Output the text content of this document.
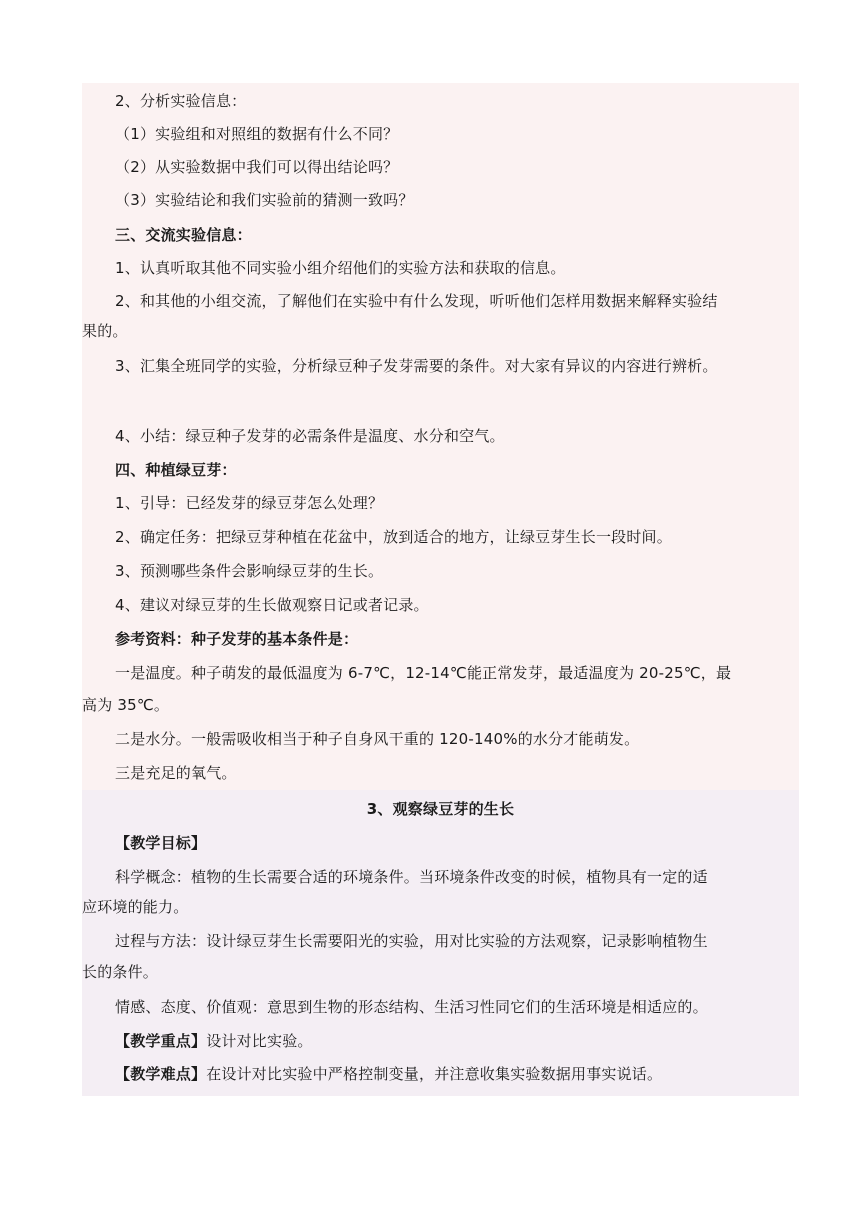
2、分析实验信息：
（1）实验组和对照组的数据有什么不同？
（2）从实验数据中我们可以得出结论吗？
（3）实验结论和我们实验前的猜测一致吗？
三、交流实验信息：
1、认真听取其他不同实验小组介绍他们的实验方法和获取的信息。
2、和其他的小组交流，了解他们在实验中有什么发现，听听他们怎样用数据来解释实验结
果的。
3、汇集全班同学的实验，分析绿豆种子发芽需要的条件。对大家有异议的内容进行辨析。
4、小结：绿豆种子发芽的必需条件是温度、水分和空气。
四、种植绿豆芽：
1、引导：已经发芽的绿豆芽怎么处理？
2、确定任务：把绿豆芽种植在花盆中，放到适合的地方，让绿豆芽生长一段时间。
3、预测哪些条件会影响绿豆芽的生长。
4、建议对绿豆芽的生长做观察日记或者记录。
参考资料：种子发芽的基本条件是：
一是温度。种子萌发的最低温度为 6-7℃，12-14℃能正常发芽，最适温度为 20-25℃，最
高为 35℃。
二是水分。一般需吸收相当于种子自身风干重的 120-140%的水分才能萌发。
三是充足的氧气。
3、观察绿豆芽的生长
【教学目标】
科学概念：植物的生长需要合适的环境条件。当环境条件改变的时候，植物具有一定的适
应环境的能力。
过程与方法：设计绿豆芽生长需要阳光的实验，用对比实验的方法观察，记录影响植物生
长的条件。
情感、态度、价值观：意思到生物的形态结构、生活习性同它们的生活环境是相适应的。
【教学重点】设计对比实验。
【教学难点】在设计对比实验中严格控制变量，并注意收集实验数据用事实说话。
